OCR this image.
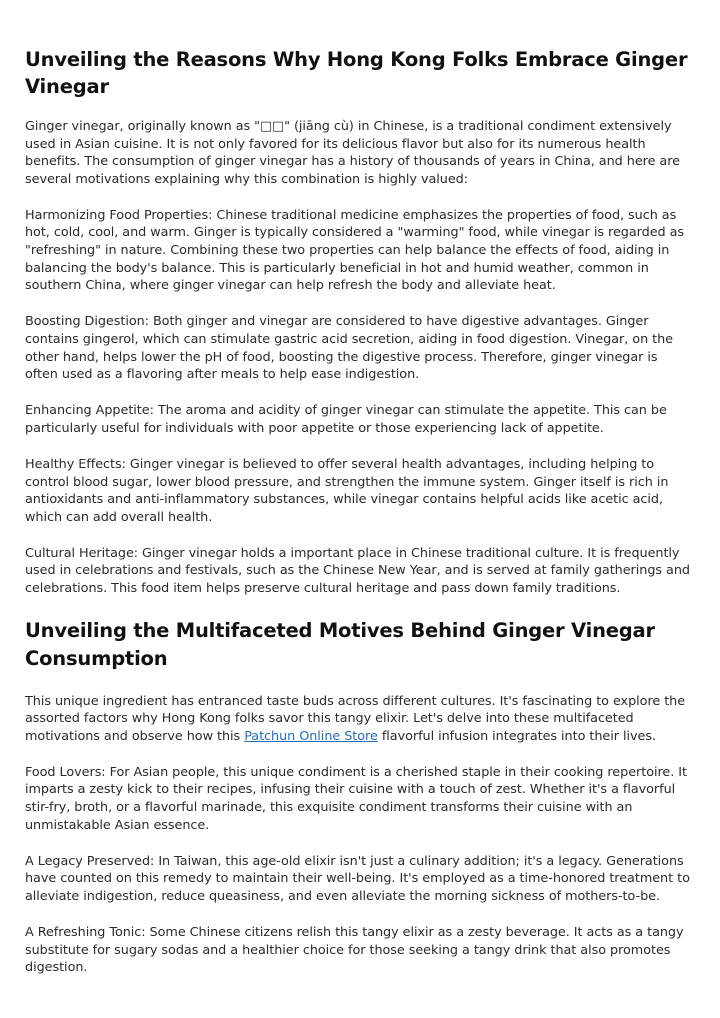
Unveiling the Reasons Why Hong Kong Folks Embrace Ginger Vinegar

Ginger vinegar, originally known as "□□" (jiāng cù) in Chinese, is a traditional condiment extensively used in Asian cuisine. It is not only favored for its delicious flavor but also for its numerous health benefits. The consumption of ginger vinegar has a history of thousands of years in China, and here are several motivations explaining why this combination is highly valued:

Harmonizing Food Properties: Chinese traditional medicine emphasizes the properties of food, such as hot, cold, cool, and warm. Ginger is typically considered a "warming" food, while vinegar is regarded as "refreshing" in nature. Combining these two properties can help balance the effects of food, aiding in balancing the body's balance. This is particularly beneficial in hot and humid weather, common in southern China, where ginger vinegar can help refresh the body and alleviate heat.

Boosting Digestion: Both ginger and vinegar are considered to have digestive advantages. Ginger contains gingerol, which can stimulate gastric acid secretion, aiding in food digestion. Vinegar, on the other hand, helps lower the pH of food, boosting the digestive process. Therefore, ginger vinegar is often used as a flavoring after meals to help ease indigestion.

Enhancing Appetite: The aroma and acidity of ginger vinegar can stimulate the appetite. This can be particularly useful for individuals with poor appetite or those experiencing lack of appetite.

Healthy Effects: Ginger vinegar is believed to offer several health advantages, including helping to control blood sugar, lower blood pressure, and strengthen the immune system. Ginger itself is rich in antioxidants and anti-inflammatory substances, while vinegar contains helpful acids like acetic acid, which can add overall health.

Cultural Heritage: Ginger vinegar holds a important place in Chinese traditional culture. It is frequently used in celebrations and festivals, such as the Chinese New Year, and is served at family gatherings and celebrations. This food item helps preserve cultural heritage and pass down family traditions.

Unveiling the Multifaceted Motives Behind Ginger Vinegar Consumption

This unique ingredient has entranced taste buds across different cultures. It's fascinating to explore the assorted factors why Hong Kong folks savor this tangy elixir. Let's delve into these multifaceted motivations and observe how this Patchun Online Store flavorful infusion integrates into their lives.

Food Lovers: For Asian people, this unique condiment is a cherished staple in their cooking repertoire. It imparts a zesty kick to their recipes, infusing their cuisine with a touch of zest. Whether it's a flavorful stir-fry, broth, or a flavorful marinade, this exquisite condiment transforms their cuisine with an unmistakable Asian essence.

A Legacy Preserved: In Taiwan, this age-old elixir isn't just a culinary addition; it's a legacy. Generations have counted on this remedy to maintain their well-being. It's employed as a time-honored treatment to alleviate indigestion, reduce queasiness, and even alleviate the morning sickness of mothers-to-be.

A Refreshing Tonic: Some Chinese citizens relish this tangy elixir as a zesty beverage. It acts as a tangy substitute for sugary sodas and a healthier choice for those seeking a tangy drink that also promotes digestion.
